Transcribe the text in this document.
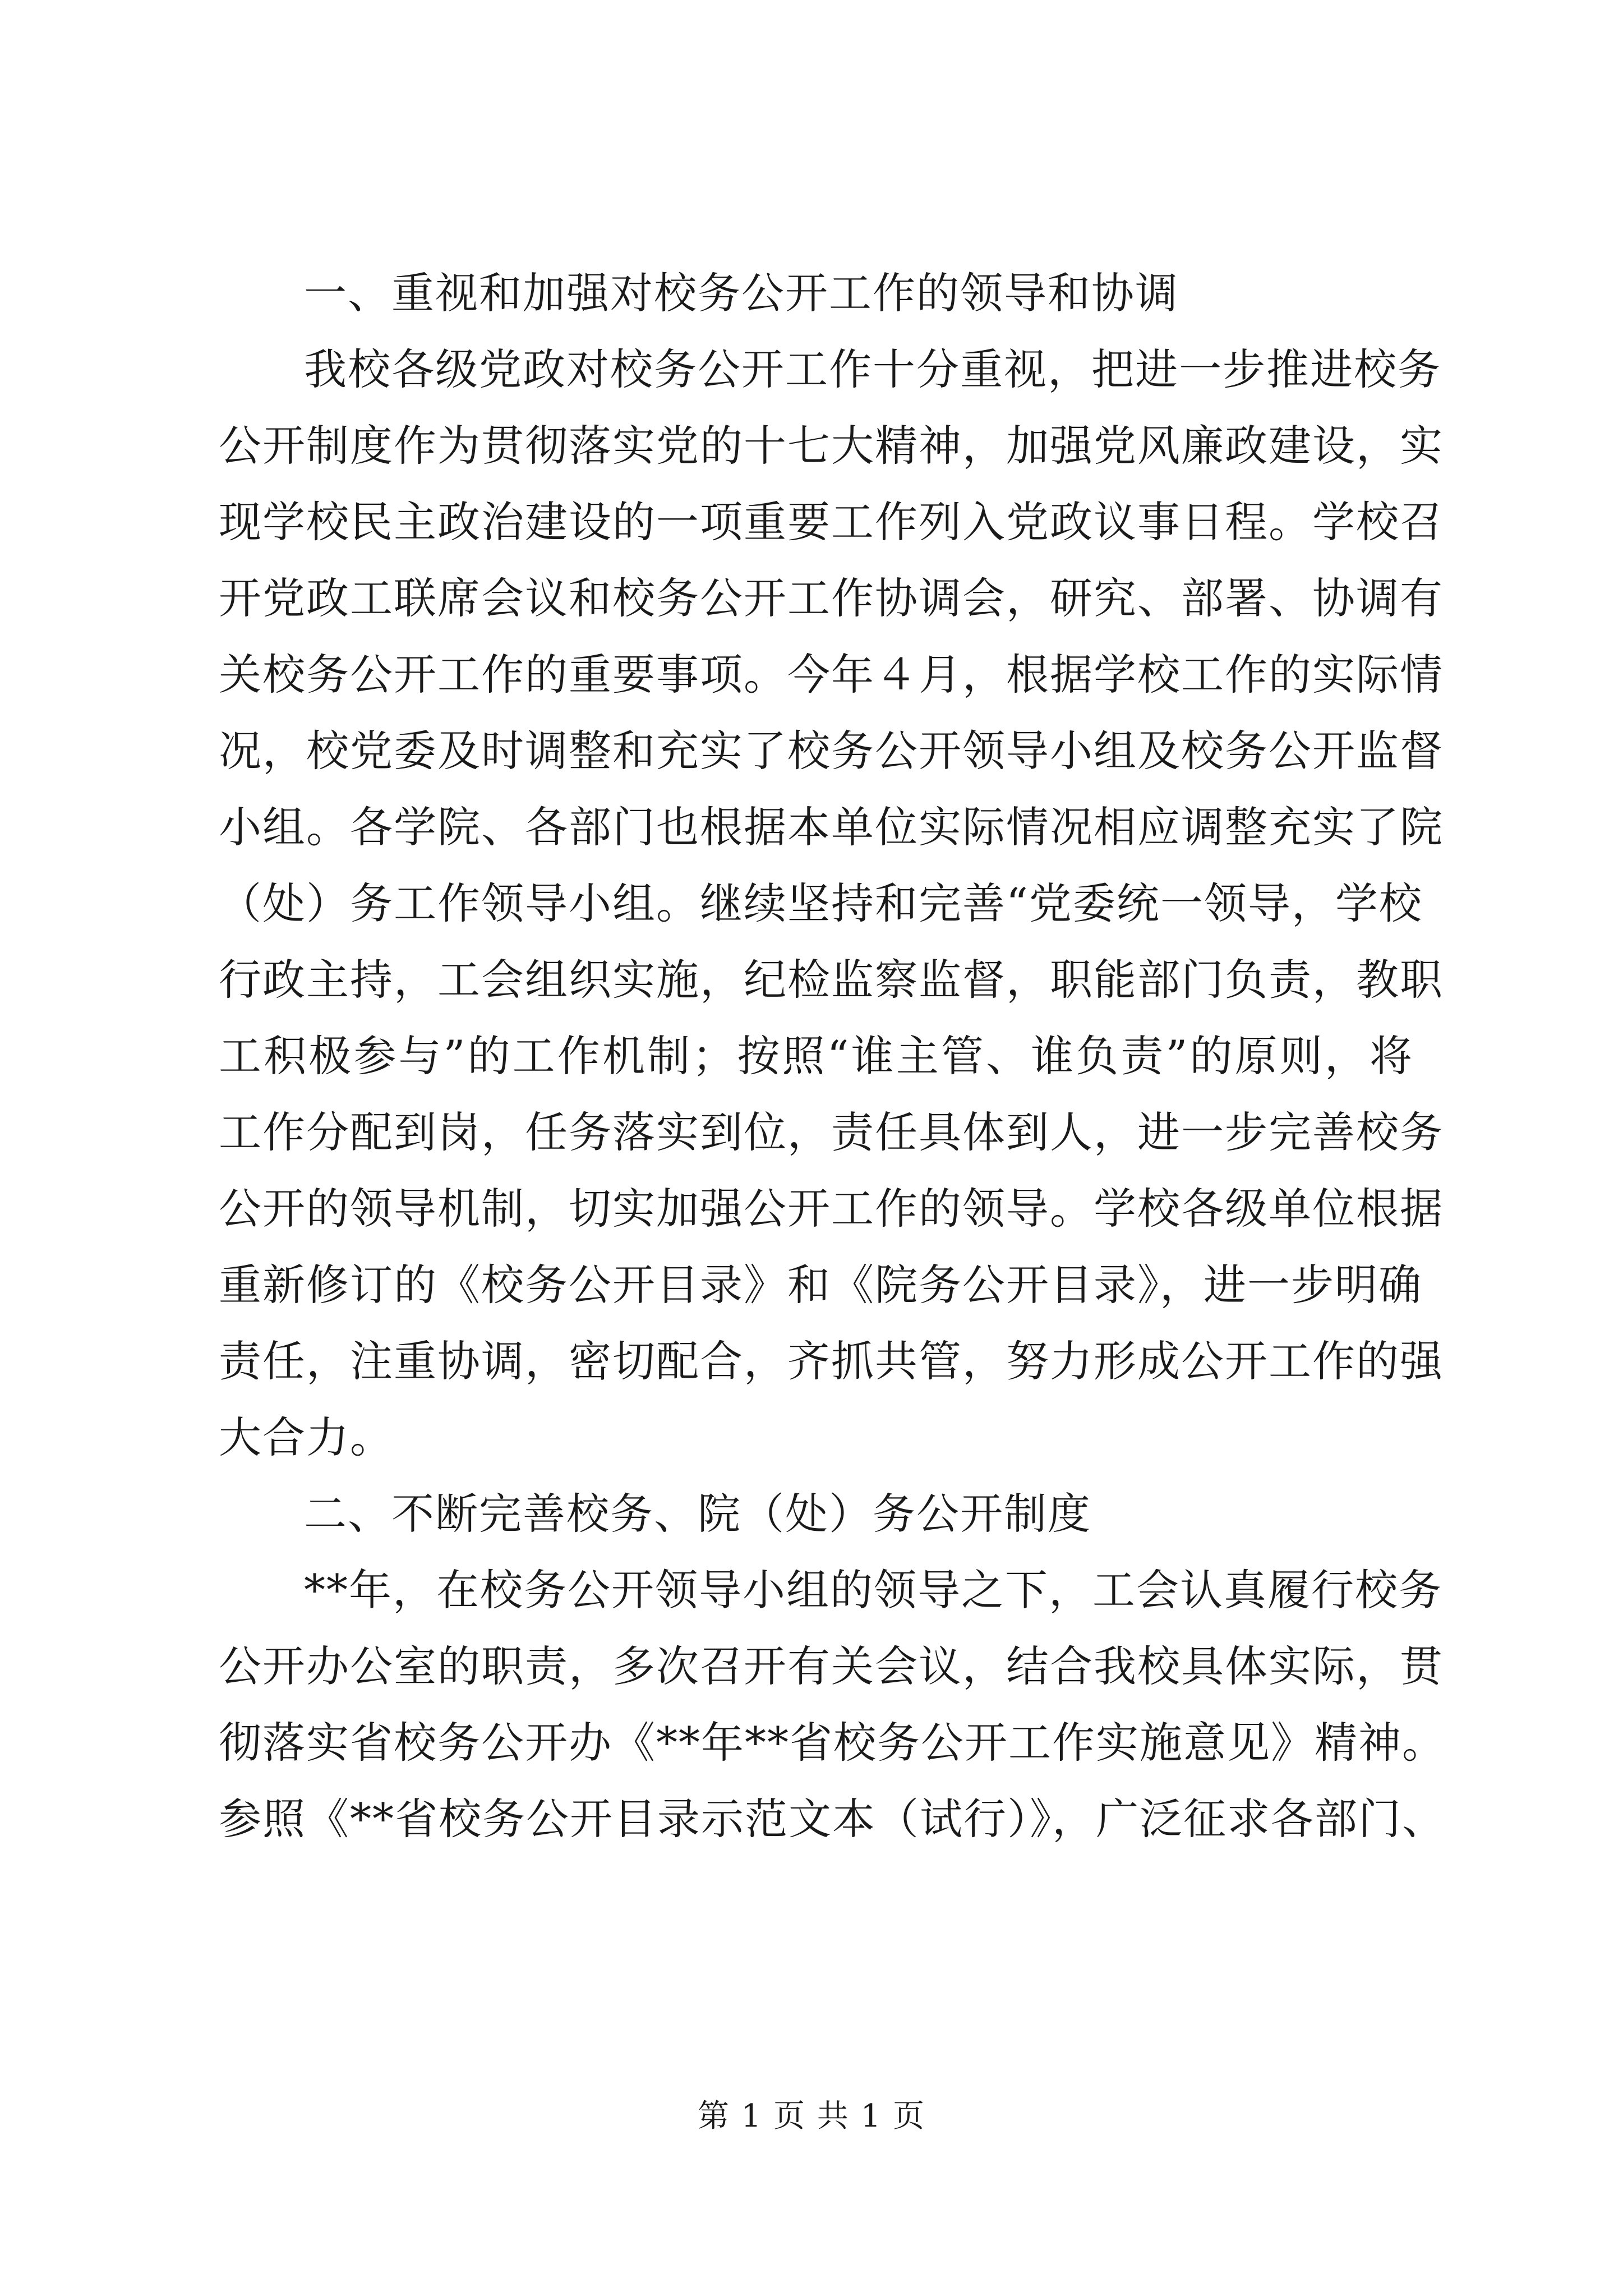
一、重视和加强对校务公开工作的领导和协调
我校各级党政对校务公开工作十分重视，把进一步推进校务
公开制度作为贯彻落实党的十七大精神，加强党风廉政建设，实
现学校民主政治建设的一项重要工作列入党政议事日程。学校召
开党政工联席会议和校务公开工作协调会，研究、部署、协调有
关校务公开工作的重要事项。今年４月，根据学校工作的实际情
况，校党委及时调整和充实了校务公开领导小组及校务公开监督
小组。各学院、各部门也根据本单位实际情况相应调整充实了院
（处）务工作领导小组。继续坚持和完善“党委统一领导，学校
行政主持，工会组织实施，纪检监察监督，职能部门负责，教职
工积极参与”的工作机制；按照“谁主管、谁负责”的原则，将
工作分配到岗，任务落实到位，责任具体到人，进一步完善校务
公开的领导机制，切实加强公开工作的领导。学校各级单位根据
重新修订的《校务公开目录》和《院务公开目录》，进一步明确
责任，注重协调，密切配合，齐抓共管，努力形成公开工作的强
大合力。
二、不断完善校务、院（处）务公开制度
**年，在校务公开领导小组的领导之下，工会认真履行校务
公开办公室的职责，多次召开有关会议，结合我校具体实际，贯
彻落实省校务公开办《**年**省校务公开工作实施意见》精神。
参照《**省校务公开目录示范文本（试行）》，广泛征求各部门、
第 1 页 共 1 页
